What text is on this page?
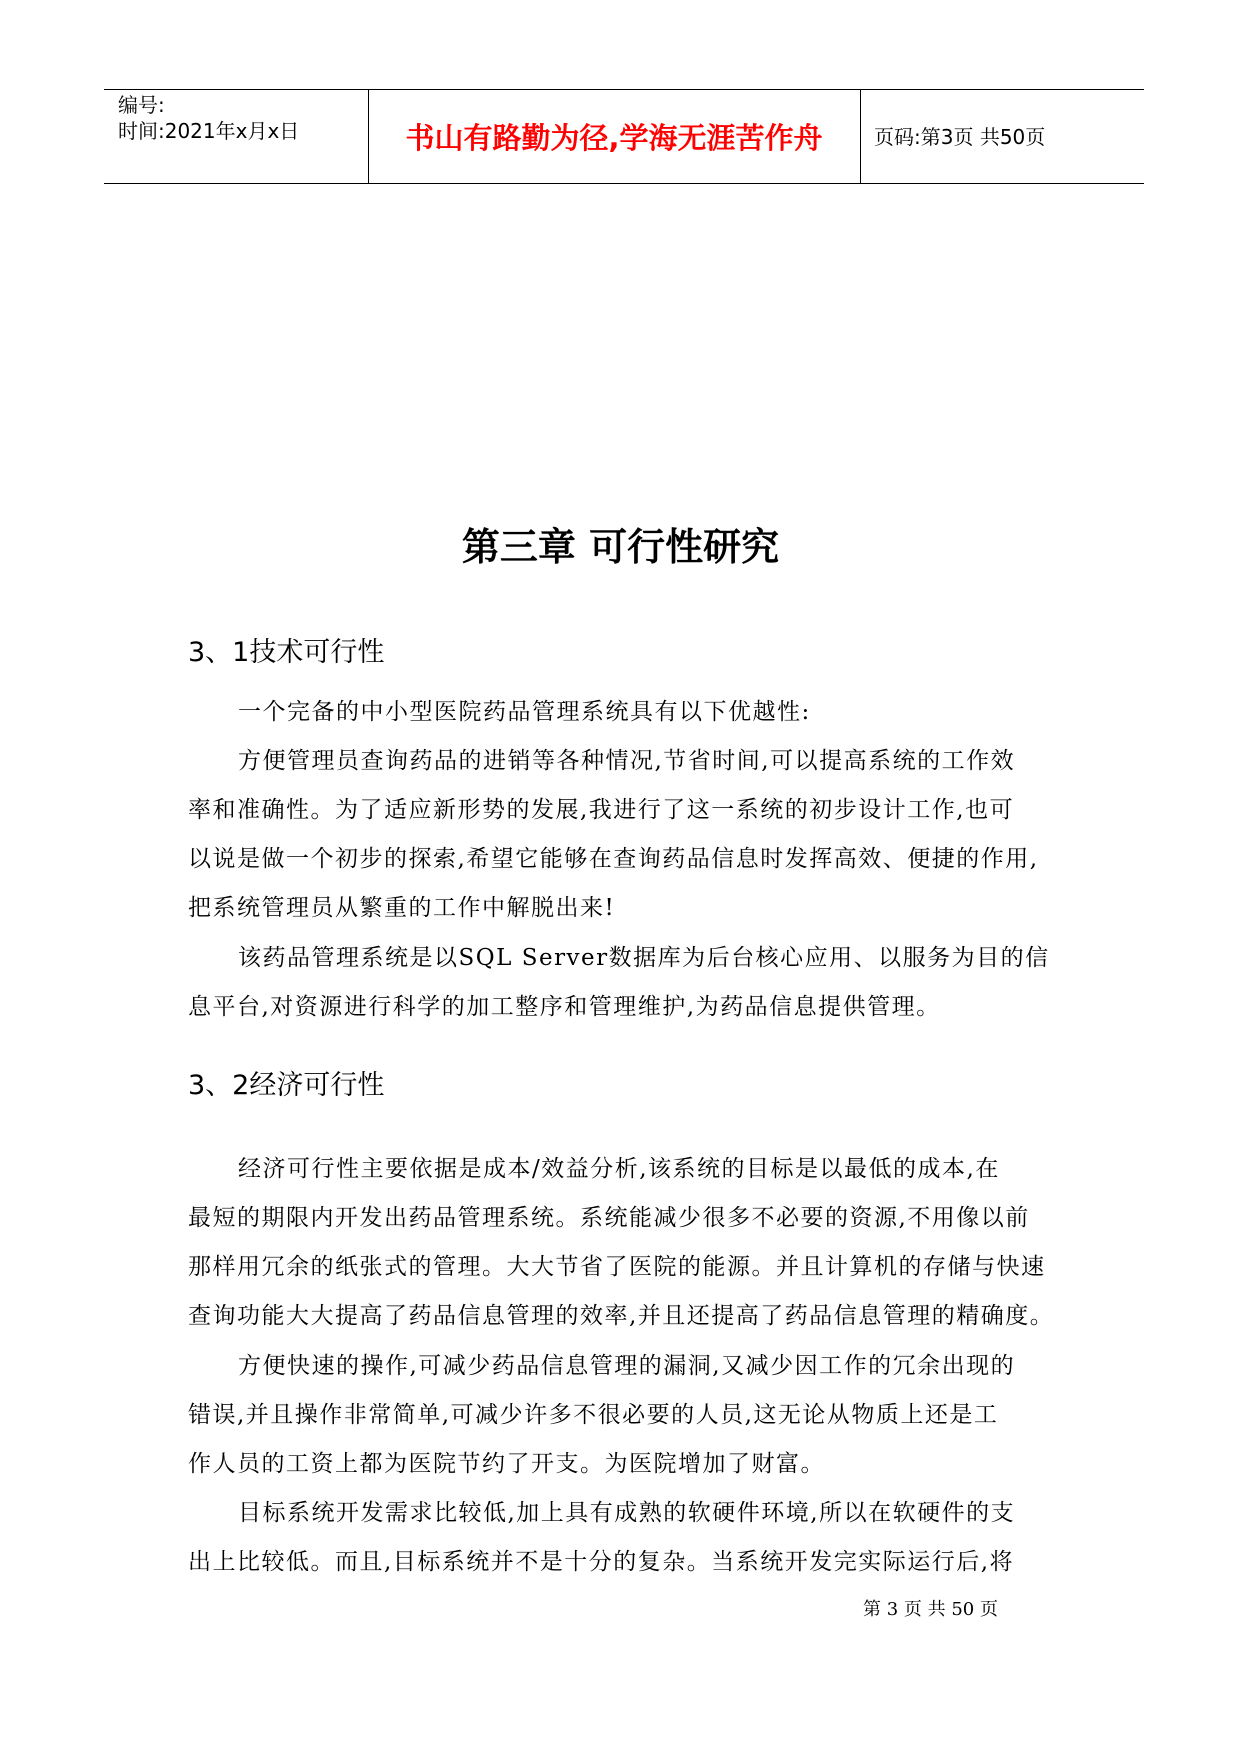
编号:
时间:2021年x月x日	书山有路勤为径,学海无涯苦作舟	页码:第3页 共50页
第三章 可行性研究
3、1技术可行性
一个完备的中小型医院药品管理系统具有以下优越性:
方便管理员查询药品的进销等各种情况,节省时间,可以提高系统的工作效
率和准确性。为了适应新形势的发展,我进行了这一系统的初步设计工作,也可
以说是做一个初步的探索,希望它能够在查询药品信息时发挥高效、便捷的作用,
把系统管理员从繁重的工作中解脱出来!
该药品管理系统是以SQL Server数据库为后台核心应用、以服务为目的信
息平台,对资源进行科学的加工整序和管理维护,为药品信息提供管理。
3、2经济可行性
经济可行性主要依据是成本/效益分析,该系统的目标是以最低的成本,在
最短的期限内开发出药品管理系统。系统能减少很多不必要的资源,不用像以前
那样用冗余的纸张式的管理。大大节省了医院的能源。并且计算机的存储与快速
查询功能大大提高了药品信息管理的效率,并且还提高了药品信息管理的精确度。
方便快速的操作,可减少药品信息管理的漏洞,又减少因工作的冗余出现的
错误,并且操作非常简单,可减少许多不很必要的人员,这无论从物质上还是工
作人员的工资上都为医院节约了开支。为医院增加了财富。
目标系统开发需求比较低,加上具有成熟的软硬件环境,所以在软硬件的支
出上比较低。而且,目标系统并不是十分的复杂。当系统开发完实际运行后,将
第 3 页 共 50 页
